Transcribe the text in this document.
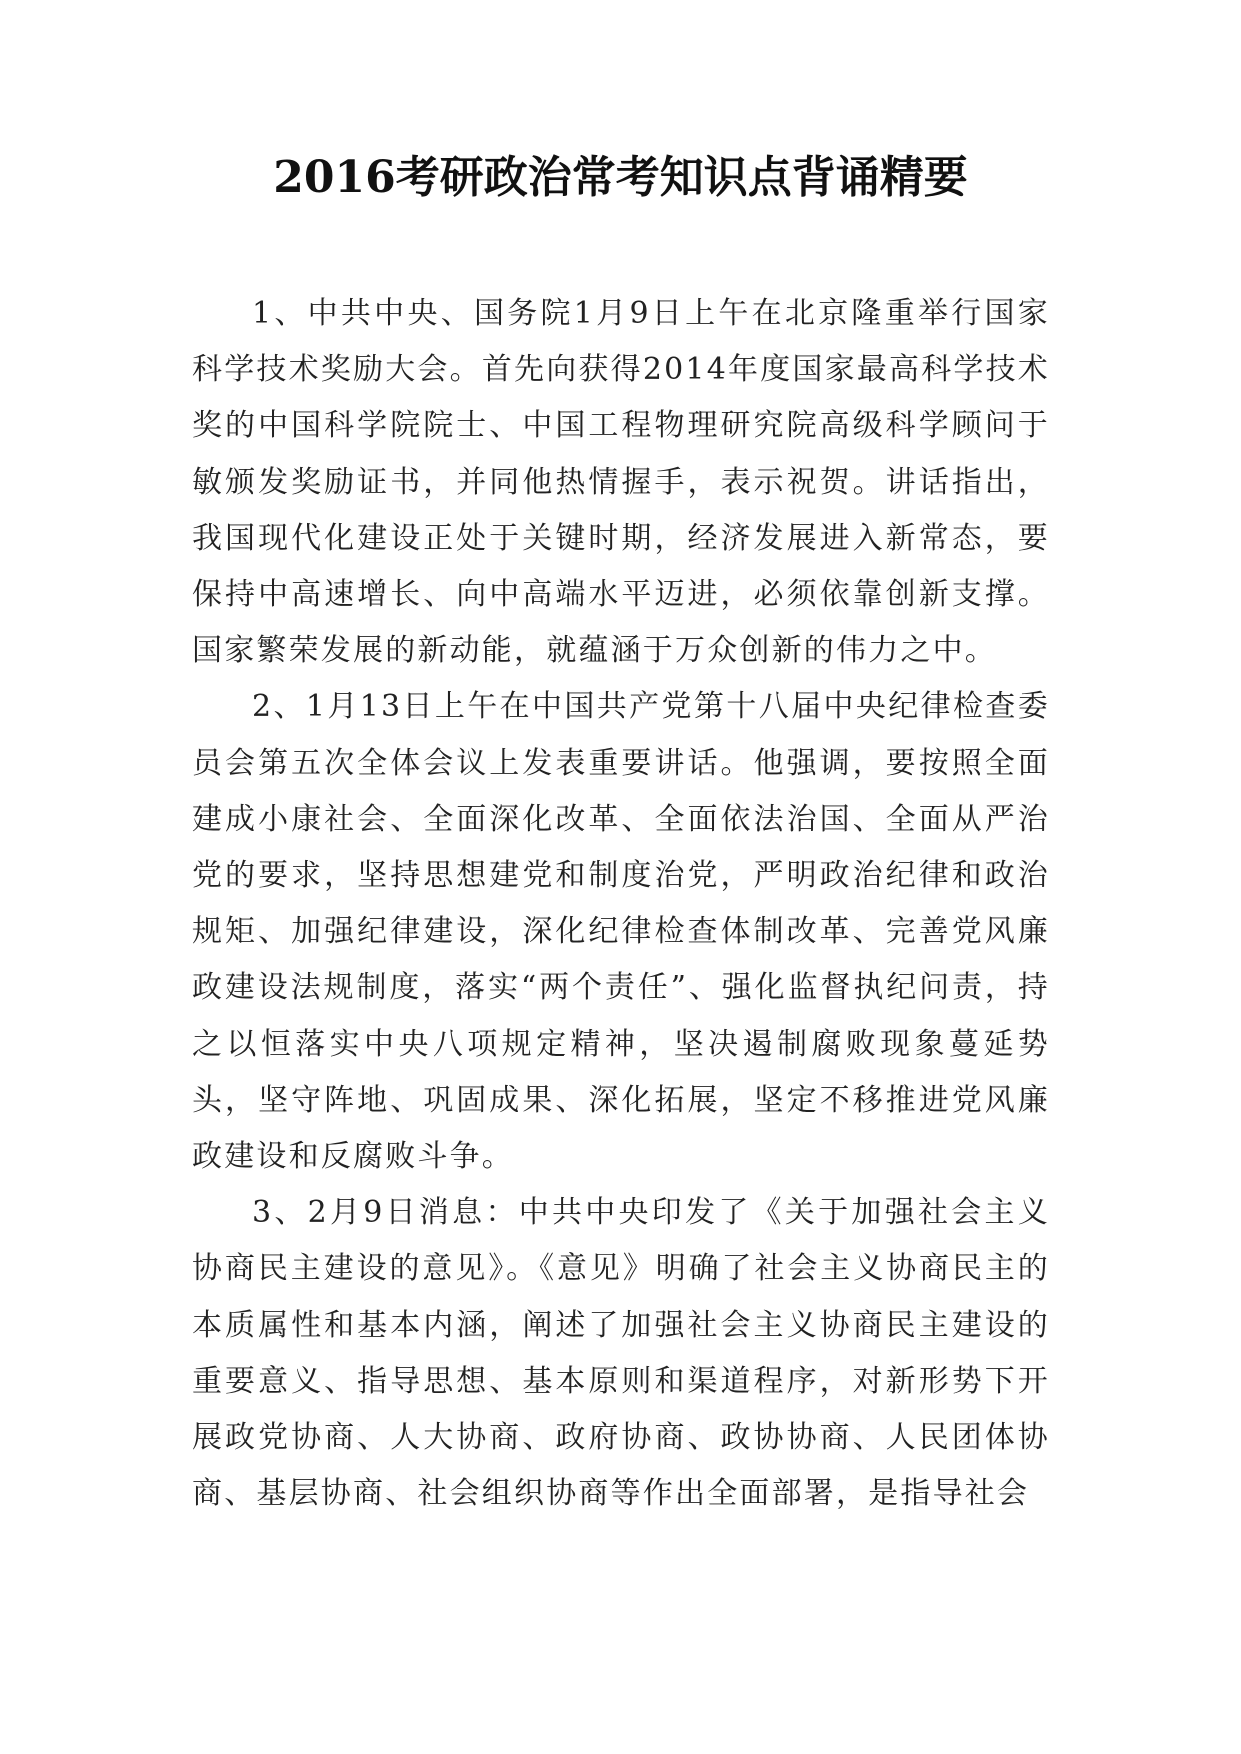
2016考研政治常考知识点背诵精要

1、中共中央、国务院1月9日上午在北京隆重举行国家科学技术奖励大会。首先向获得2014年度国家最高科学技术奖的中国科学院院士、中国工程物理研究院高级科学顾问于敏颁发奖励证书，并同他热情握手，表示祝贺。讲话指出，我国现代化建设正处于关键时期，经济发展进入新常态，要保持中高速增长、向中高端水平迈进，必须依靠创新支撑。国家繁荣发展的新动能，就蕴涵于万众创新的伟力之中。

2、1月13日上午在中国共产党第十八届中央纪律检查委员会第五次全体会议上发表重要讲话。他强调，要按照全面建成小康社会、全面深化改革、全面依法治国、全面从严治党的要求，坚持思想建党和制度治党，严明政治纪律和政治规矩、加强纪律建设，深化纪律检查体制改革、完善党风廉政建设法规制度，落实“两个责任”、强化监督执纪问责，持之以恒落实中央八项规定精神，坚决遏制腐败现象蔓延势头，坚守阵地、巩固成果、深化拓展，坚定不移推进党风廉政建设和反腐败斗争。

3、2月9日消息：中共中央印发了《关于加强社会主义协商民主建设的意见》。《意见》明确了社会主义协商民主的本质属性和基本内涵，阐述了加强社会主义协商民主建设的重要意义、指导思想、基本原则和渠道程序，对新形势下开展政党协商、人大协商、政府协商、政协协商、人民团体协商、基层协商、社会组织协商等作出全面部署，是指导社会
